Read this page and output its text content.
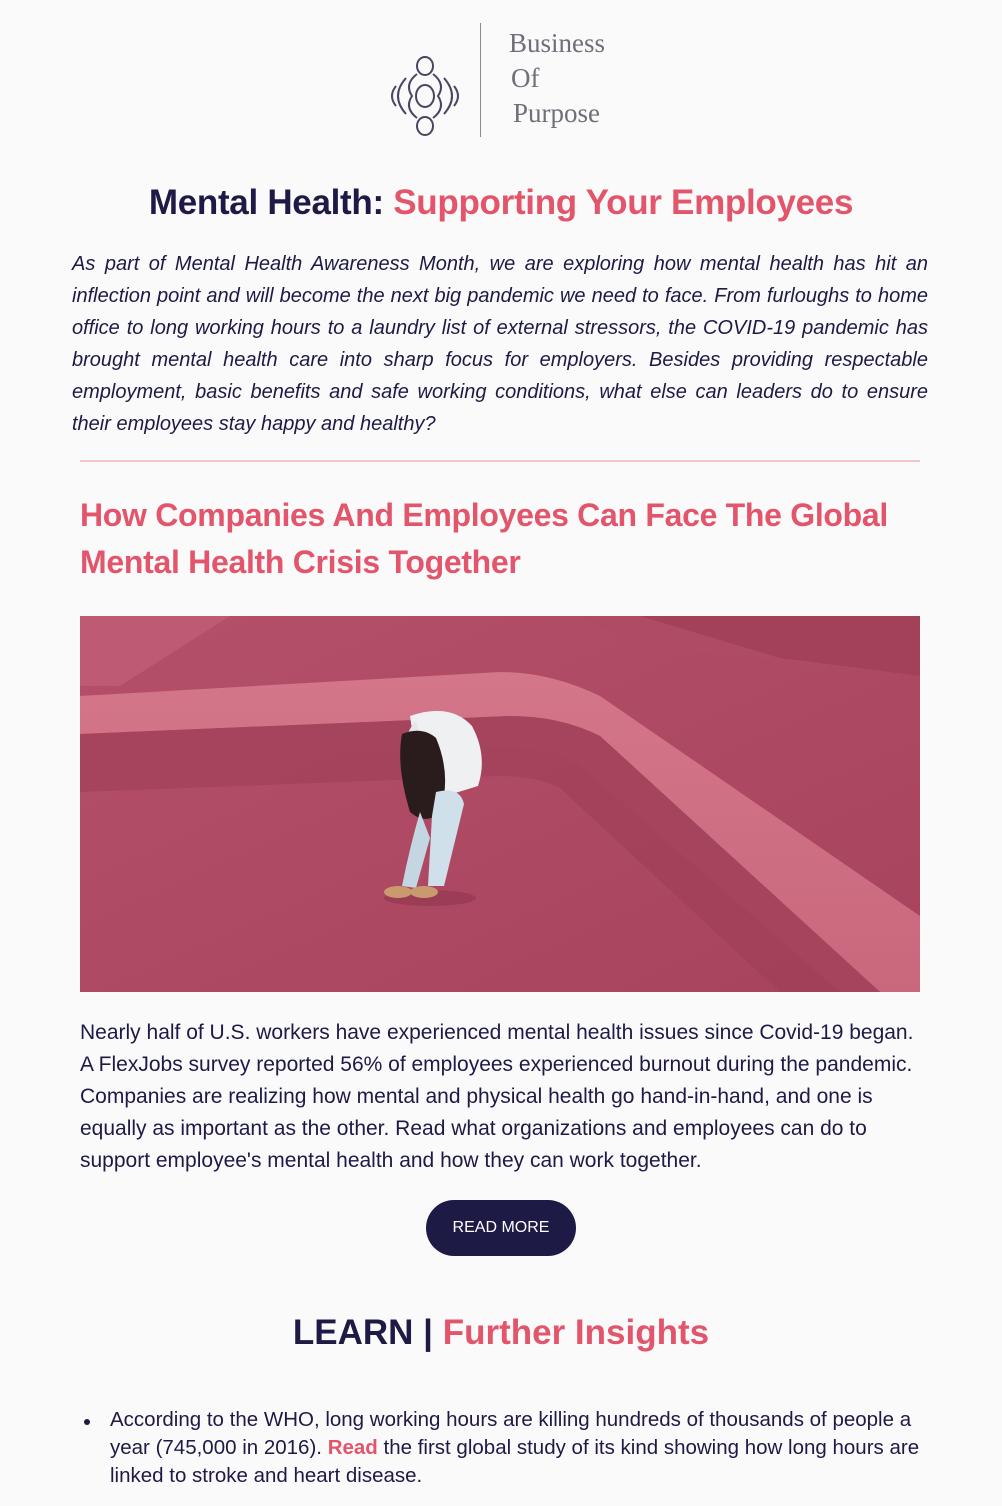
Business
Of
Purpose
Mental Health: Supporting Your Employees

As part of Mental Health Awareness Month, we are exploring how mental health has hit an inflection point and will become the next big pandemic we need to face. From furloughs to home office to long working hours to a laundry list of external stressors, the COVID-19 pandemic has brought mental health care into sharp focus for employers. Besides providing respectable employment, basic benefits and safe working conditions, what else can leaders do to ensure their employees stay happy and healthy?

How Companies And Employees Can Face The Global Mental Health Crisis Together

Nearly half of U.S. workers have experienced mental health issues since Covid-19 began. A FlexJobs survey reported 56% of employees experienced burnout during the pandemic. Companies are realizing how mental and physical health go hand-in-hand, and one is equally as important as the other. Read what organizations and employees can do to support employee's mental health and how they can work together.

READ MORE
LEARN | Further Insights
According to the WHO, long working hours are killing hundreds of thousands of people a year (745,000 in 2016). Read the first global study of its kind showing how long hours are linked to stroke and heart disease.
